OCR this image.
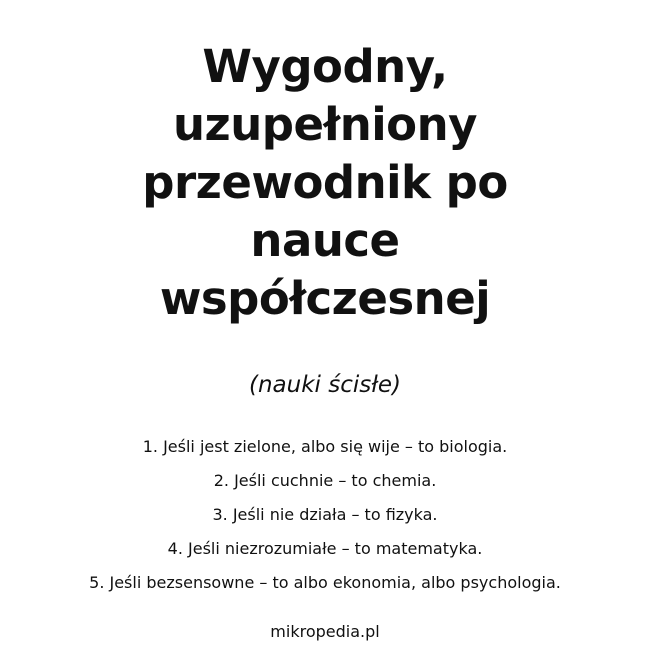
Wygodny,
uzupełniony
przewodnik po
nauce
współczesnej

(nauki ścisłe)

1. Jeśli jest zielone, albo się wije – to biologia.
2. Jeśli cuchnie – to chemia.
3. Jeśli nie działa – to fizyka.
4. Jeśli niezrozumiałe – to matematyka.
5. Jeśli bezsensowne – to albo ekonomia, albo psychologia.
mikropedia.pl
